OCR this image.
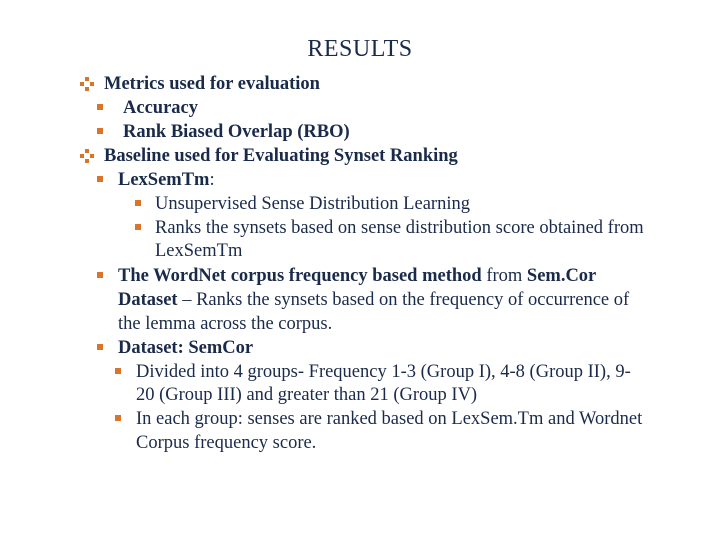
RESULTS
Metrics used for evaluation
Accuracy
Rank Biased Overlap (RBO)
Baseline used for Evaluating Synset Ranking
LexSemTm:
Unsupervised Sense Distribution Learning
Ranks the synsets based on sense distribution score obtained from
LexSemTm
The WordNet corpus frequency based method from Sem.Cor
Dataset – Ranks the synsets based on the frequency of occurrence of
the lemma across the corpus.
Dataset: SemCor
Divided into 4 groups- Frequency 1-3 (Group I), 4-8 (Group II), 9-
20 (Group III) and greater than 21 (Group IV)
In each group: senses are ranked based on LexSem.Tm and Wordnet
Corpus frequency score.
